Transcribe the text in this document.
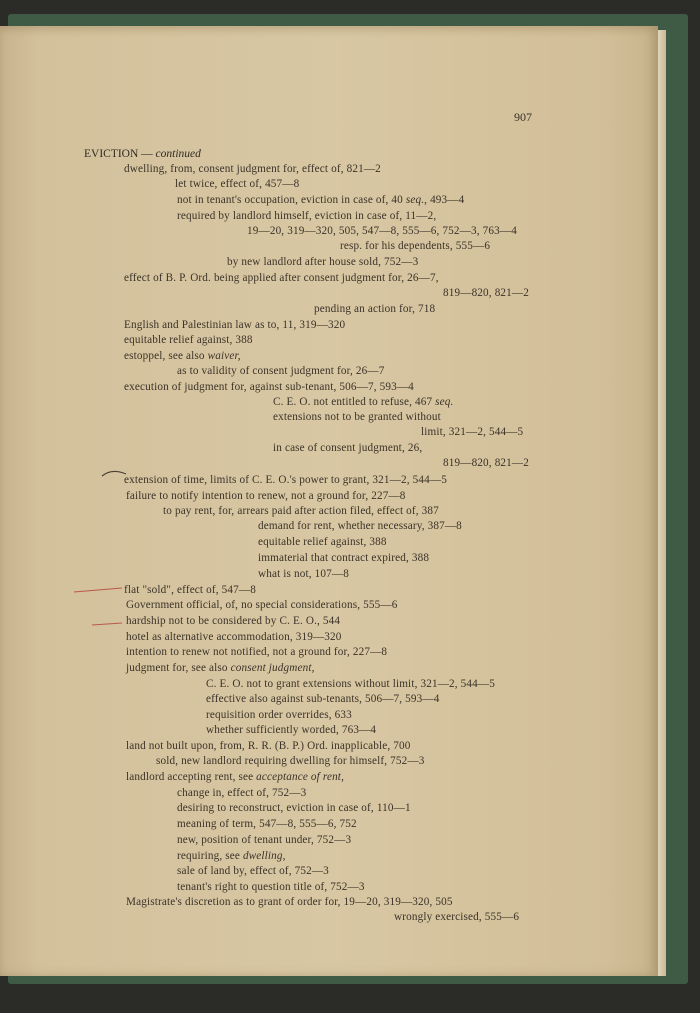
907
EVICTION — continued
dwelling, from, consent judgment for, effect of, 821—2
let twice, effect of, 457—8
not in tenant's occupation, eviction in case of, 40 seq., 493—4
required by landlord himself, eviction in case of, 11—2,
19—20, 319—320, 505, 547—8, 555—6, 752—3, 763—4
resp. for his dependents, 555—6
by new landlord after house sold, 752—3
effect of B. P. Ord. being applied after consent judgment for, 26—7,
819—820, 821—2
pending an action for, 718
English and Palestinian law as to, 11, 319—320
equitable relief against, 388
estoppel, see also waiver,
as to validity of consent judgment for, 26—7
execution of judgment for, against sub-tenant, 506—7, 593—4
C. E. O. not entitled to refuse, 467 seq.
extensions not to be granted without
limit, 321—2, 544—5
in case of consent judgment, 26,
819—820, 821—2
extension of time, limits of C. E. O.'s power to grant, 321—2, 544—5
failure to notify intention to renew, not a ground for, 227—8
to pay rent, for, arrears paid after action filed, effect of, 387
demand for rent, whether necessary, 387—8
equitable relief against, 388
immaterial that contract expired, 388
what is not, 107—8
flat "sold", effect of, 547—8
Government official, of, no special considerations, 555—6
hardship not to be considered by C. E. O., 544
hotel as alternative accommodation, 319—320
intention to renew not notified, not a ground for, 227—8
judgment for, see also consent judgment,
C. E. O. not to grant extensions without limit, 321—2, 544—5
effective also against sub-tenants, 506—7, 593—4
requisition order overrides, 633
whether sufficiently worded, 763—4
land not built upon, from, R. R. (B. P.) Ord. inapplicable, 700
sold, new landlord requiring dwelling for himself, 752—3
landlord accepting rent, see acceptance of rent,
change in, effect of, 752—3
desiring to reconstruct, eviction in case of, 110—1
meaning of term, 547—8, 555—6, 752
new, position of tenant under, 752—3
requiring, see dwelling,
sale of land by, effect of, 752—3
tenant's right to question title of, 752—3
Magistrate's discretion as to grant of order for, 19—20, 319—320, 505
wrongly exercised, 555—6
